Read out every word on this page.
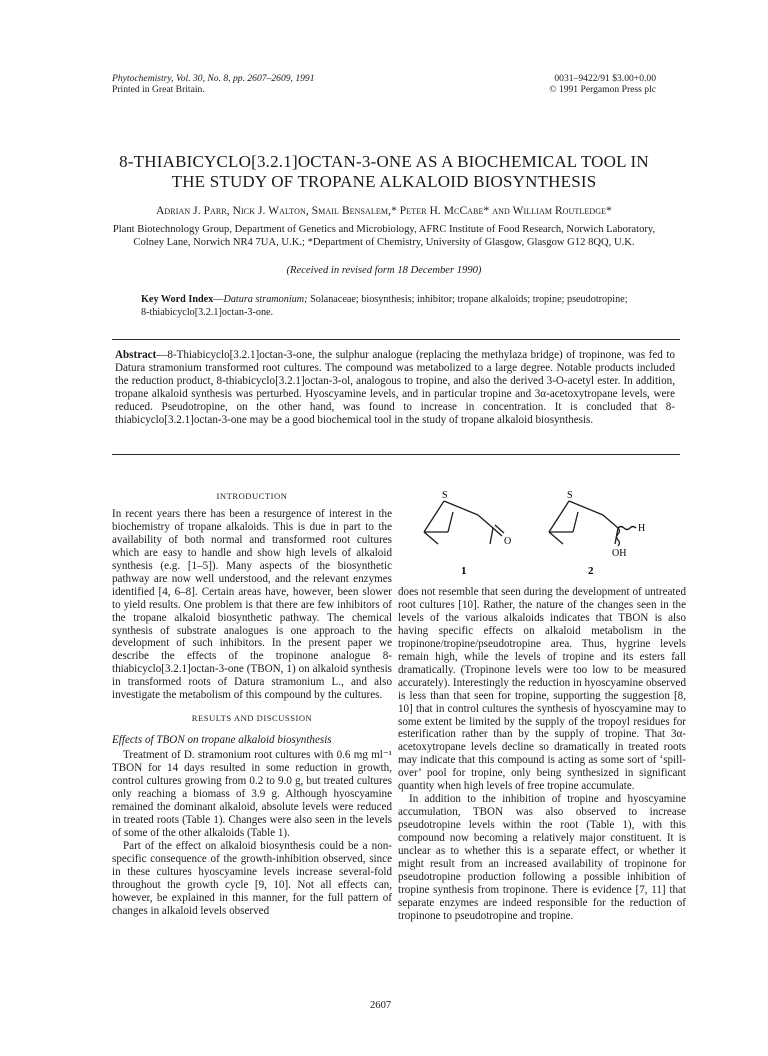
Phytochemistry, Vol. 30, No. 8, pp. 2607–2609, 1991
Printed in Great Britain.
0031–9422/91 $3.00+0.00
© 1991 Pergamon Press plc
8-THIABICYCLO[3.2.1]OCTAN-3-ONE AS A BIOCHEMICAL TOOL IN
THE STUDY OF TROPANE ALKALOID BIOSYNTHESIS
Adrian J. Parr, Nick J. Walton, Smail Bensalem,* Peter H. McCabe* and William Routledge*
Plant Biotechnology Group, Department of Genetics and Microbiology, AFRC Institute of Food Research, Norwich Laboratory,
Colney Lane, Norwich NR4 7UA, U.K.; *Department of Chemistry, University of Glasgow, Glasgow G12 8QQ, U.K.
(Received in revised form 18 December 1990)
Key Word Index—Datura stramonium; Solanaceae; biosynthesis; inhibitor; tropane alkaloids; tropine; pseudotropine; 8-thiabicyclo[3.2.1]octan-3-one.
Abstract—8-Thiabicyclo[3.2.1]octan-3-one, the sulphur analogue (replacing the methylaza bridge) of tropinone, was fed to Datura stramonium transformed root cultures. The compound was metabolized to a large degree. Notable products included the reduction product, 8-thiabicyclo[3.2.1]octan-3-ol, analogous to tropine, and also the derived 3-O-acetyl ester. In addition, tropane alkaloid synthesis was perturbed. Hyoscyamine levels, and in particular tropine and 3α-acetoxytropane levels, were reduced. Pseudotropine, on the other hand, was found to increase in concentration. It is concluded that 8-thiabicyclo[3.2.1]octan-3-one may be a good biochemical tool in the study of tropane alkaloid biosynthesis.
INTRODUCTION

In recent years there has been a resurgence of interest in the biochemistry of tropane alkaloids. This is due in part to the availability of both normal and transformed root cultures which are easy to handle and show high levels of alkaloid synthesis (e.g. [1–5]). Many aspects of the biosynthetic pathway are now well understood, and the relevant enzymes identified [4, 6–8]. Certain areas have, however, been slower to yield results. One problem is that there are few inhibitors of the tropane alkaloid biosynthetic pathway. The chemical synthesis of substrate analogues is one approach to the development of such inhibitors. In the present paper we describe the effects of the tropinone analogue 8-thiabicyclo[3.2.1]octan-3-one (TBON, 1) on alkaloid synthesis in transformed roots of Datura stramonium L., and also investigate the metabolism of this compound by the cultures.

RESULTS AND DISCUSSION
Effects of TBON on tropane alkaloid biosynthesis

Treatment of D. stramonium root cultures with 0.6 mg ml⁻¹ TBON for 14 days resulted in some reduction in growth, control cultures growing from 0.2 to 9.0 g, but treated cultures only reaching a biomass of 3.9 g. Although hyoscyamine remained the dominant alkaloid, absolute levels were reduced in treated roots (Table 1). Changes were also seen in the levels of some of the other alkaloids (Table 1).

Part of the effect on alkaloid biosynthesis could be a non-specific consequence of the growth-inhibition observed, since in these cultures hyoscyamine levels increase several-fold throughout the growth cycle [9, 10]. Not all effects can, however, be explained in this manner, for the full pattern of changes in alkaloid levels observed

S
O
1
S
H
OH
2

does not resemble that seen during the development of untreated root cultures [10]. Rather, the nature of the changes seen in the levels of the various alkaloids indicates that TBON is also having specific effects on alkaloid metabolism in the tropinone/tropine/pseudotropine area. Thus, hygrine levels remain high, while the levels of tropine and its esters fall dramatically. (Tropinone levels were too low to be measured accurately). Interestingly the reduction in hyoscyamine observed is less than that seen for tropine, supporting the suggestion [8, 10] that in control cultures the synthesis of hyoscyamine may to some extent be limited by the supply of the tropoyl residues for esterification rather than by the supply of tropine. That 3α-acetoxytropane levels decline so dramatically in treated roots may indicate that this compound is acting as some sort of ‘spill-over’ pool for tropine, only being synthesized in significant quantity when high levels of free tropine accumulate.

In addition to the inhibition of tropine and hyoscyamine accumulation, TBON was also observed to increase pseudotropine levels within the root (Table 1), with this compound now becoming a relatively major constituent. It is unclear as to whether this is a separate effect, or whether it might result from an increased availability of tropinone for pseudotropine production following a possible inhibition of tropine synthesis from tropinone. There is evidence [7, 11] that separate enzymes are indeed responsible for the reduction of tropinone to pseudotropine and tropine.

2607
